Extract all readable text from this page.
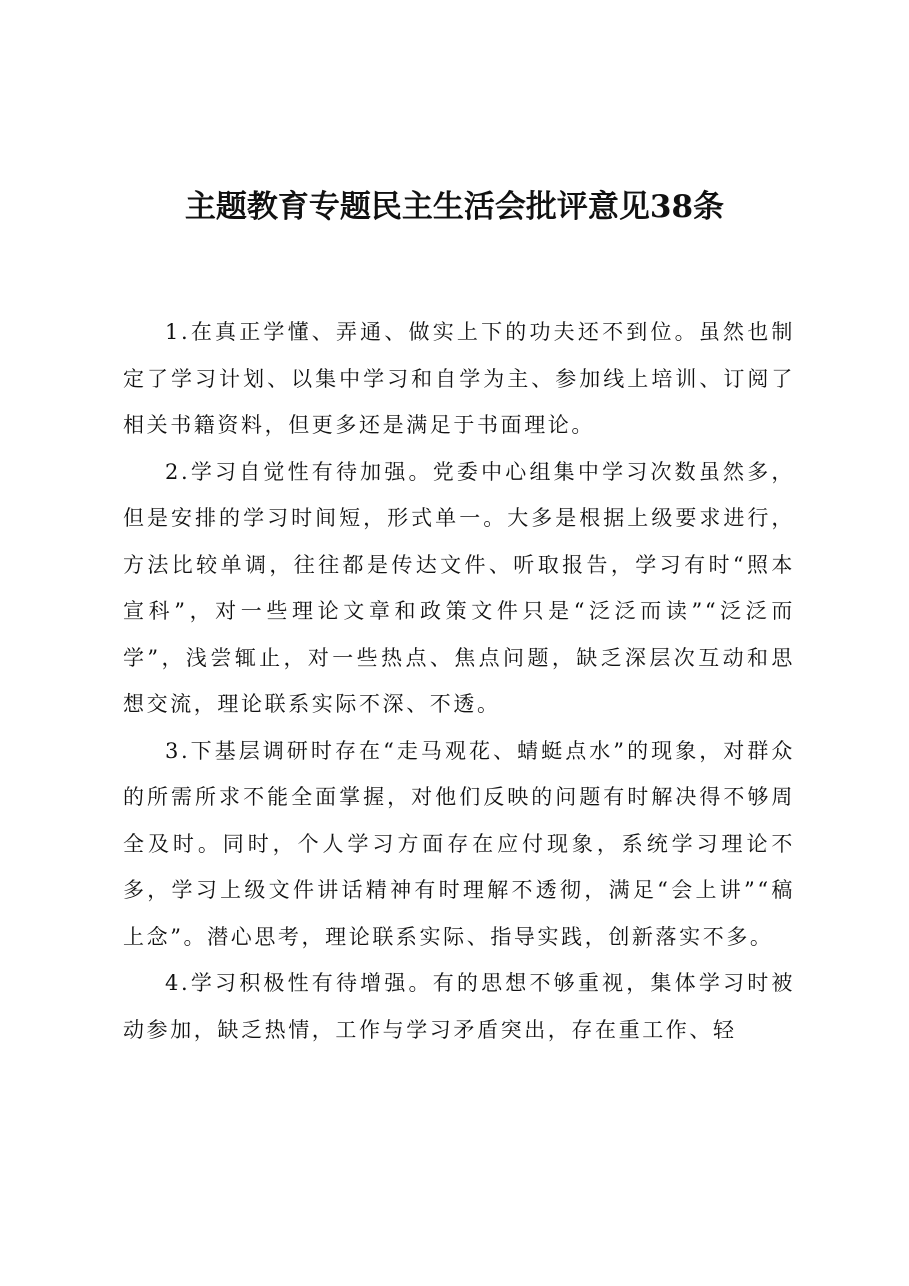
主题教育专题民主生活会批评意见38条

1.在真正学懂、弄通、做实上下的功夫还不到位。虽然也制定了学习计划、以集中学习和自学为主、参加线上培训、订阅了相关书籍资料，但更多还是满足于书面理论。

2.学习自觉性有待加强。党委中心组集中学习次数虽然多，但是安排的学习时间短，形式单一。大多是根据上级要求进行，方法比较单调，往往都是传达文件、听取报告，学习有时“照本宣科”，对一些理论文章和政策文件只是“泛泛而读”“泛泛而学”，浅尝辄止，对一些热点、焦点问题，缺乏深层次互动和思想交流，理论联系实际不深、不透。

3.下基层调研时存在“走马观花、蜻蜓点水”的现象，对群众的所需所求不能全面掌握，对他们反映的问题有时解决得不够周全及时。同时，个人学习方面存在应付现象，系统学习理论不多，学习上级文件讲话精神有时理解不透彻，满足“会上讲”“稿上念”。潜心思考，理论联系实际、指导实践，创新落实不多。

4.学习积极性有待增强。有的思想不够重视，集体学习时被动参加，缺乏热情，工作与学习矛盾突出，存在重工作、轻
